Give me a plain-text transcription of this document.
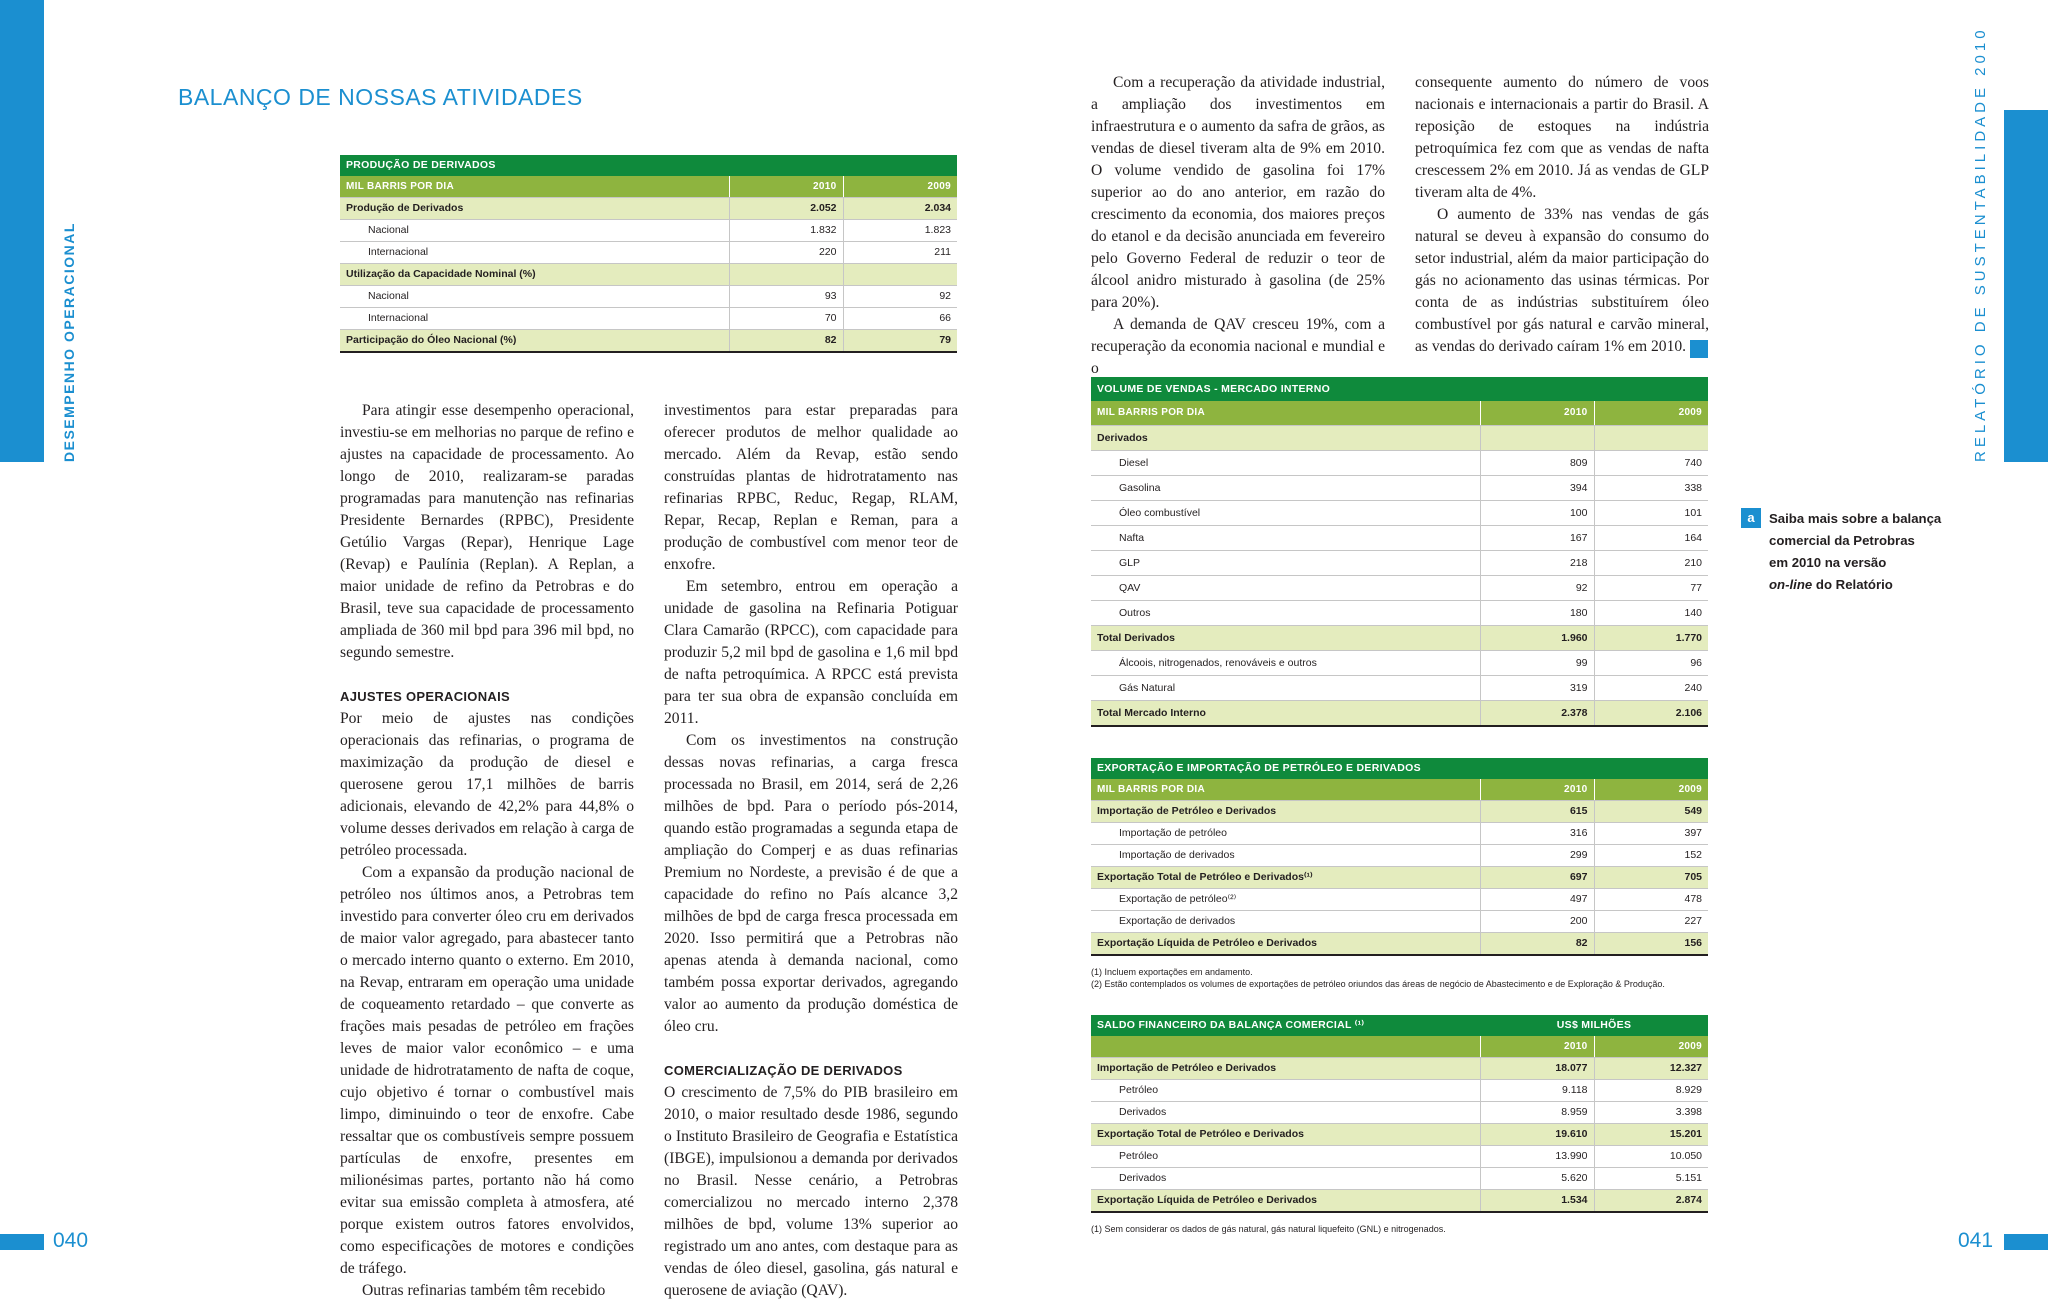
DESEMPENHO OPERACIONAL	RELATÓRIO DE SUSTENTABILIDADE 2010
040	041
BALANÇO DE NOSSAS ATIVIDADES
PRODUÇÃO DE DERIVADOS		
MIL BARRIS POR DIA	2010	2009
Produção de Derivados	2.052	2.034
Nacional	1.832	1.823
Internacional	220	211
Utilização da Capacidade Nominal (%)		
Nacional	93	92
Internacional	70	66
Participação do Óleo Nacional (%)	82	79

Para atingir esse desempenho operacional, investiu-se em melhorias no parque de refino e ajustes na capacidade de processamento. Ao longo de 2010, realizaram-se paradas programadas para manutenção nas refinarias Presidente Bernardes (RPBC), Presidente Getúlio Vargas (Repar), Henrique Lage (Revap) e Paulínia (Replan). A Replan, a maior unidade de refino da Petrobras e do Brasil, teve sua capacidade de processamento ampliada de 360 mil bpd para 396 mil bpd, no segundo semestre.

AJUSTES OPERACIONAIS

Por meio de ajustes nas condições operacionais das refinarias, o programa de maximização da produção de diesel e querosene gerou 17,1 milhões de barris adicionais, elevando de 42,2% para 44,8% o volume desses derivados em relação à carga de petróleo processada.

Com a expansão da produção nacional de petróleo nos últimos anos, a Petrobras tem investido para converter óleo cru em derivados de maior valor agregado, para abastecer tanto o mercado interno quanto o externo. Em 2010, na Revap, entraram em operação uma unidade de coqueamento retardado – que converte as frações mais pesadas de petróleo em frações leves de maior valor econômico – e uma unidade de hidrotratamento de nafta de coque, cujo objetivo é tornar o combustível mais limpo, diminuindo o teor de enxofre. Cabe ressaltar que os combustíveis sempre possuem partículas de enxofre, presentes em milionésimas partes, portanto não há como evitar sua emissão completa à atmosfera, até porque existem outros fatores envolvidos, como especificações de motores e condições de tráfego.

Outras refinarias também têm recebido

investimentos para estar preparadas para oferecer produtos de melhor qualidade ao mercado. Além da Revap, estão sendo construídas plantas de hidrotratamento nas refinarias RPBC, Reduc, Regap, RLAM, Repar, Recap, Replan e Reman, para a produção de combustível com menor teor de enxofre.

Em setembro, entrou em operação a unidade de gasolina na Refinaria Potiguar Clara Camarão (RPCC), com capacidade para produzir 5,2 mil bpd de gasolina e 1,6 mil bpd de nafta petroquímica. A RPCC está prevista para ter sua obra de expansão concluída em 2011.

Com os investimentos na construção dessas novas refinarias, a carga fresca processada no Brasil, em 2014, será de 2,26 milhões de bpd. Para o período pós-2014, quando estão programadas a segunda etapa de ampliação do Comperj e as duas refinarias Premium no Nordeste, a previsão é de que a capacidade do refino no País alcance 3,2 milhões de bpd de carga fresca processada em 2020. Isso permitirá que a Petrobras não apenas atenda à demanda nacional, como também possa exportar derivados, agregando valor ao aumento da produção doméstica de óleo cru.

COMERCIALIZAÇÃO DE DERIVADOS

O crescimento de 7,5% do PIB brasileiro em 2010, o maior resultado desde 1986, segundo o Instituto Brasileiro de Geografia e Estatística (IBGE), impulsionou a demanda por derivados no Brasil. Nesse cenário, a Petrobras comercializou no mercado interno 2,378 milhões de bpd, volume 13% superior ao registrado um ano antes, com destaque para as vendas de óleo diesel, gasolina, gás natural e querosene de aviação (QAV).

Com a recuperação da atividade industrial, a ampliação dos investimentos em infraestrutura e o aumento da safra de grãos, as vendas de diesel tiveram alta de 9% em 2010. O volume vendido de gasolina foi 17% superior ao do ano anterior, em razão do crescimento da economia, dos maiores preços do etanol e da decisão anunciada em fevereiro pelo Governo Federal de reduzir o teor de álcool anidro misturado à gasolina (de 25% para 20%).

A demanda de QAV cresceu 19%, com a recuperação da economia nacional e mundial e o

consequente aumento do número de voos nacionais e internacionais a partir do Brasil. A reposição de estoques na indústria petroquímica fez com que as vendas de nafta crescessem 2% em 2010. Já as vendas de GLP tiveram alta de 4%.

O aumento de 33% nas vendas de gás natural se deveu à expansão do consumo do setor industrial, além da maior participação do gás no acionamento das usinas térmicas. Por conta de as indústrias substituírem óleo combustível por gás natural e carvão mineral, as vendas do derivado caíram 1% em 2010. a

a	Saiba mais sobre a balança
comercial da Petrobras
em 2010 na versão
on-line do Relatório
VOLUME DE VENDAS - MERCADO INTERNO		
MIL BARRIS POR DIA	2010	2009
Derivados		
Diesel	809	740
Gasolina	394	338
Óleo combustível	100	101
Nafta	167	164
GLP	218	210
QAV	92	77
Outros	180	140
Total Derivados	1.960	1.770
Álcoois, nitrogenados, renováveis e outros	99	96
Gás Natural	319	240
Total Mercado Interno	2.378	2.106
EXPORTAÇÃO E IMPORTAÇÃO DE PETRÓLEO E DERIVADOS		
MIL BARRIS POR DIA	2010	2009
Importação de Petróleo e Derivados	615	549
Importação de petróleo	316	397
Importação de derivados	299	152
Exportação Total de Petróleo e Derivados⁽¹⁾	697	705
Exportação de petróleo⁽²⁾	497	478
Exportação de derivados	200	227
Exportação Líquida de Petróleo e Derivados	82	156
(1) Incluem exportações em andamento.
(2) Estão contemplados os volumes de exportações de petróleo oriundos das áreas de negócio de Abastecimento e de Exploração & Produção.
SALDO FINANCEIRO DA BALANÇA COMERCIAL ⁽¹⁾	US$ MILHÕES	
	2010	2009
Importação de Petróleo e Derivados	18.077	12.327
Petróleo	9.118	8.929
Derivados	8.959	3.398
Exportação Total de Petróleo e Derivados	19.610	15.201
Petróleo	13.990	10.050
Derivados	5.620	5.151
Exportação Líquida de Petróleo e Derivados	1.534	2.874
(1) Sem considerar os dados de gás natural, gás natural liquefeito (GNL) e nitrogenados.
